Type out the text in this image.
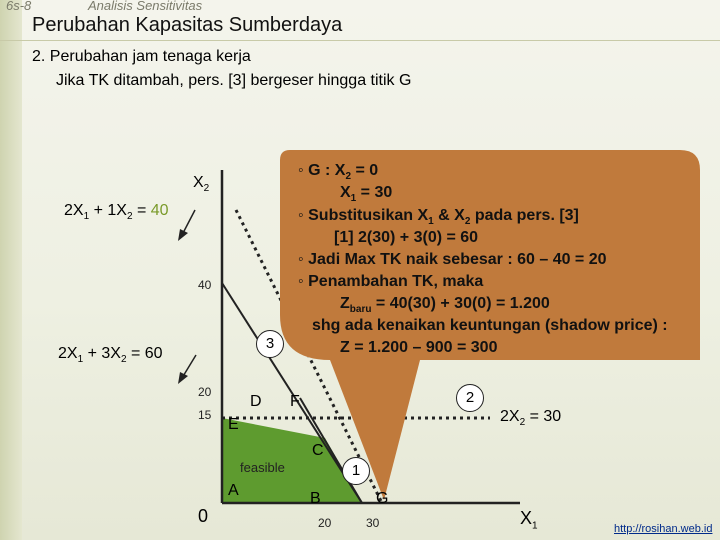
6s-8	Analisis Sensitivitas
Perubahan Kapasitas Sumberdaya
2. Perubahan jam tenaga kerja
Jika TK ditambah, pers. [3] bergeser hingga titik G
◦ G : $X_2 = 0$
$X_1 = 30$
◦ Substitusikan $X_1$ & $X_2$ pada pers. [3]
[1] 2(30) + 3(0) = 60
◦ Jadi Max TK naik sebesar : 60 – 40 = 20
◦ Penambahan TK, maka
$Z_{baru} = 40(30) + 30(0) = 1.200$
shg ada kenaikan keuntungan (shadow price) :
Z = 1.200 – 900 = 300
$X_2$
$X_1$
0
40
20
15
20	30
$2X_1 + 1X_2 = 40$
$2X_1 + 3X_2 = 60$
$2X_2 = 30$
A	B
C
D
E
F
G
1
2
3
feasible
http://rosihan.web.id
